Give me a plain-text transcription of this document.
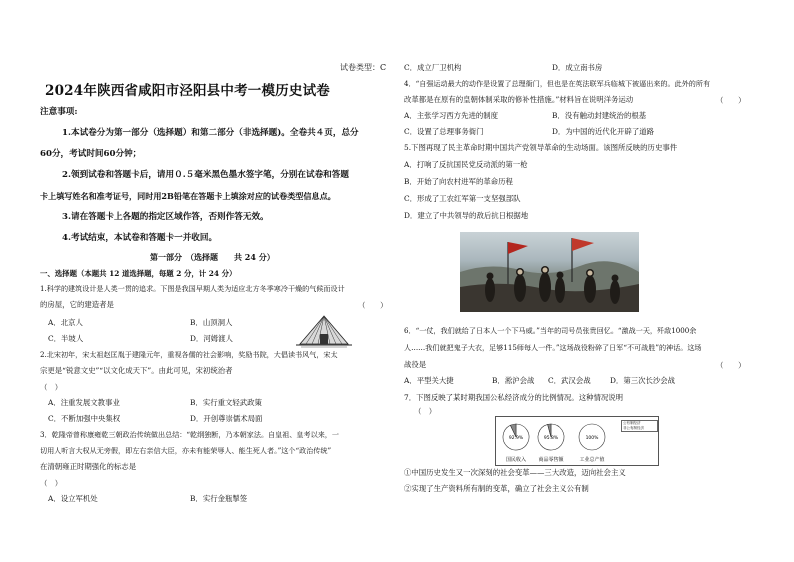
试卷类型：C
2024年陕西省咸阳市泾阳县中考一模历史试卷
注意事项:
1.本试卷分为第一部分（选择题）和第二部分（非选择题)。全卷共４页，总分
60分，考试时间60分钟；
2.领到试卷和答题卡后，请用０.５毫米黑色墨水签字笔，分别在试卷和答题
卡上填写姓名和准考证号，同时用2B铅笔在答题卡上填涂对应的试卷类型信息点。
3.请在答题卡上各题的指定区域作答，否则作答无效。
4.考试结束，本试卷和答题卡一并收回。
第一部分　（选择题　　共 24 分）
一、选择题（本题共 12 道选择题，每题 2 分，计 24 分）
1.科学的建筑设计是人类一贯的追求。下图是我国早期人类为适应北方冬季寒冷干燥的气候而设计
的房屋，它的建造者是	（　　）
A．北京人	B．山顶洞人
C．半坡人	D．河姆渡人
2.北宋初年，宋太祖赵匡胤于建隆元年，重视各儒的社会影响，奖励书院，大倡读书风气，宋太
宗更是“锐意文史”“以文化成天下”。由此可见，宋初统治者
（　）
A．注重发展文教事业	B．实行重文轻武政策
C．不断加强中央集权	D．开创尊崇儒术局面
3．乾隆帝曾称康雍乾三朝政治传统做出总结：“乾纲独断，乃本朝家法。自皇祖、皇考以来，一
切用人听言大权从无旁假，即左右亲信大臣，亦未有能荣辱人、能生死人者。”这个“政治传统”
在清朝雍正时期强化的标志是
（　）
A．设立军机处	B．实行金瓶掣签
C．成立厂卫机构	D．成立南书房
4．“自强运动最大的动作是设置了总理衙门，但也是在英法联军兵临城下被逼出来的。此外的所有
改革都是在原有的皇朝体制采取的修补性措施。”材料旨在说明洋务运动	（　　）
A．主张学习西方先进的制度	B．没有触动封建统治的根基
C．设置了总理事务衙门	D．为中国的近代化开辟了道路
5.下图再现了民主革命时期中国共产党领导革命的生动场面。该图所反映的历史事件
A．打响了反抗国民党反动派的第一枪
B．开始了向农村进军的革命历程
C．形成了工农红军第一支坚强部队
D．建立了中共领导的敌后抗日根据地
6．“一仗，我们就给了日本人一个下马威。”当年的司号员张贵回忆。“激战一天，歼敌1000余
人……我们就把鬼子大衣，足够115师每人一件。”这场战役粉碎了日军“不可战胜”的神话。这场
战役是	（　　）
A．平型关大捷	B．淞沪会战 C．武汉会战	D．第三次长沙会战
7．下图反映了某时期我国公私经济成分的比例情况。这种情况说明
（　）
92.9%
国民收入
95.8%
商品零售额
100%
工业总产值
公有制经济
非公有制经济
①中国历史发生又一次深刻的社会变革——三大改造，迈向社会主义
②实现了生产资料所有制的变革，确立了社会主义公有制
